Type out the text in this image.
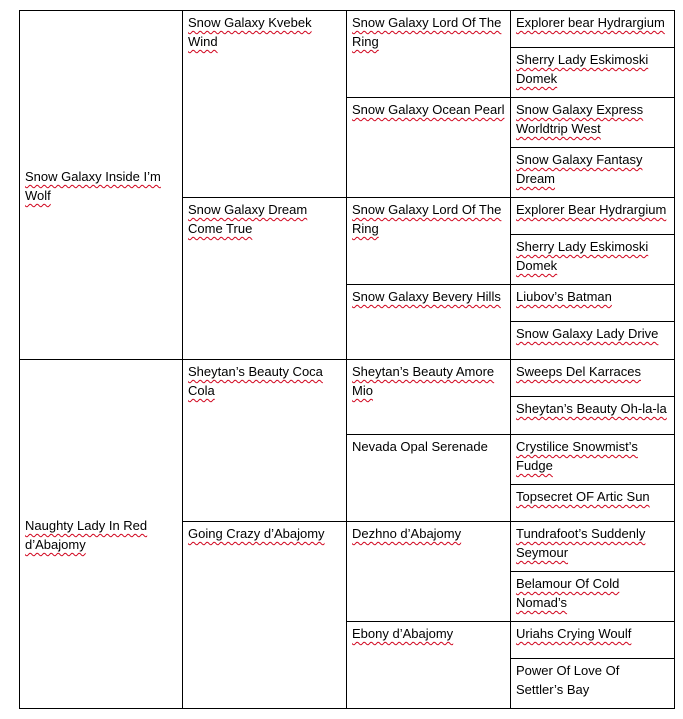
Snow Galaxy Inside I’m Wolf
Naughty Lady In Red d’Abajomy
Snow Galaxy Kvebek Wind
Snow Galaxy Dream Come True
Sheytan’s Beauty Coca Cola
Going Crazy d’Abajomy
Snow Galaxy Lord Of The Ring
Snow Galaxy Ocean Pearl
Snow Galaxy Lord Of The Ring
Snow Galaxy Bevery Hills
Sheytan’s Beauty Amore Mio
Nevada Opal Serenade
Dezhno d’Abajomy
Ebony d’Abajomy
Explorer bear Hydrargium
Sherry Lady Eskimoski Domek
Snow Galaxy Express Worldtrip West
Snow Galaxy Fantasy Dream
Explorer Bear Hydrargium
Sherry Lady Eskimoski Domek
Liubov’s Batman
Snow Galaxy Lady Drive
Sweeps Del Karraces
Sheytan’s Beauty Oh-la-la
Crystilice Snowmist’s Fudge
Topsecret OF Artic Sun
Tundrafoot’s Suddenly Seymour
Belamour Of Cold Nomad’s
Uriahs Crying Woulf
Power Of Love Of Settler’s Bay
